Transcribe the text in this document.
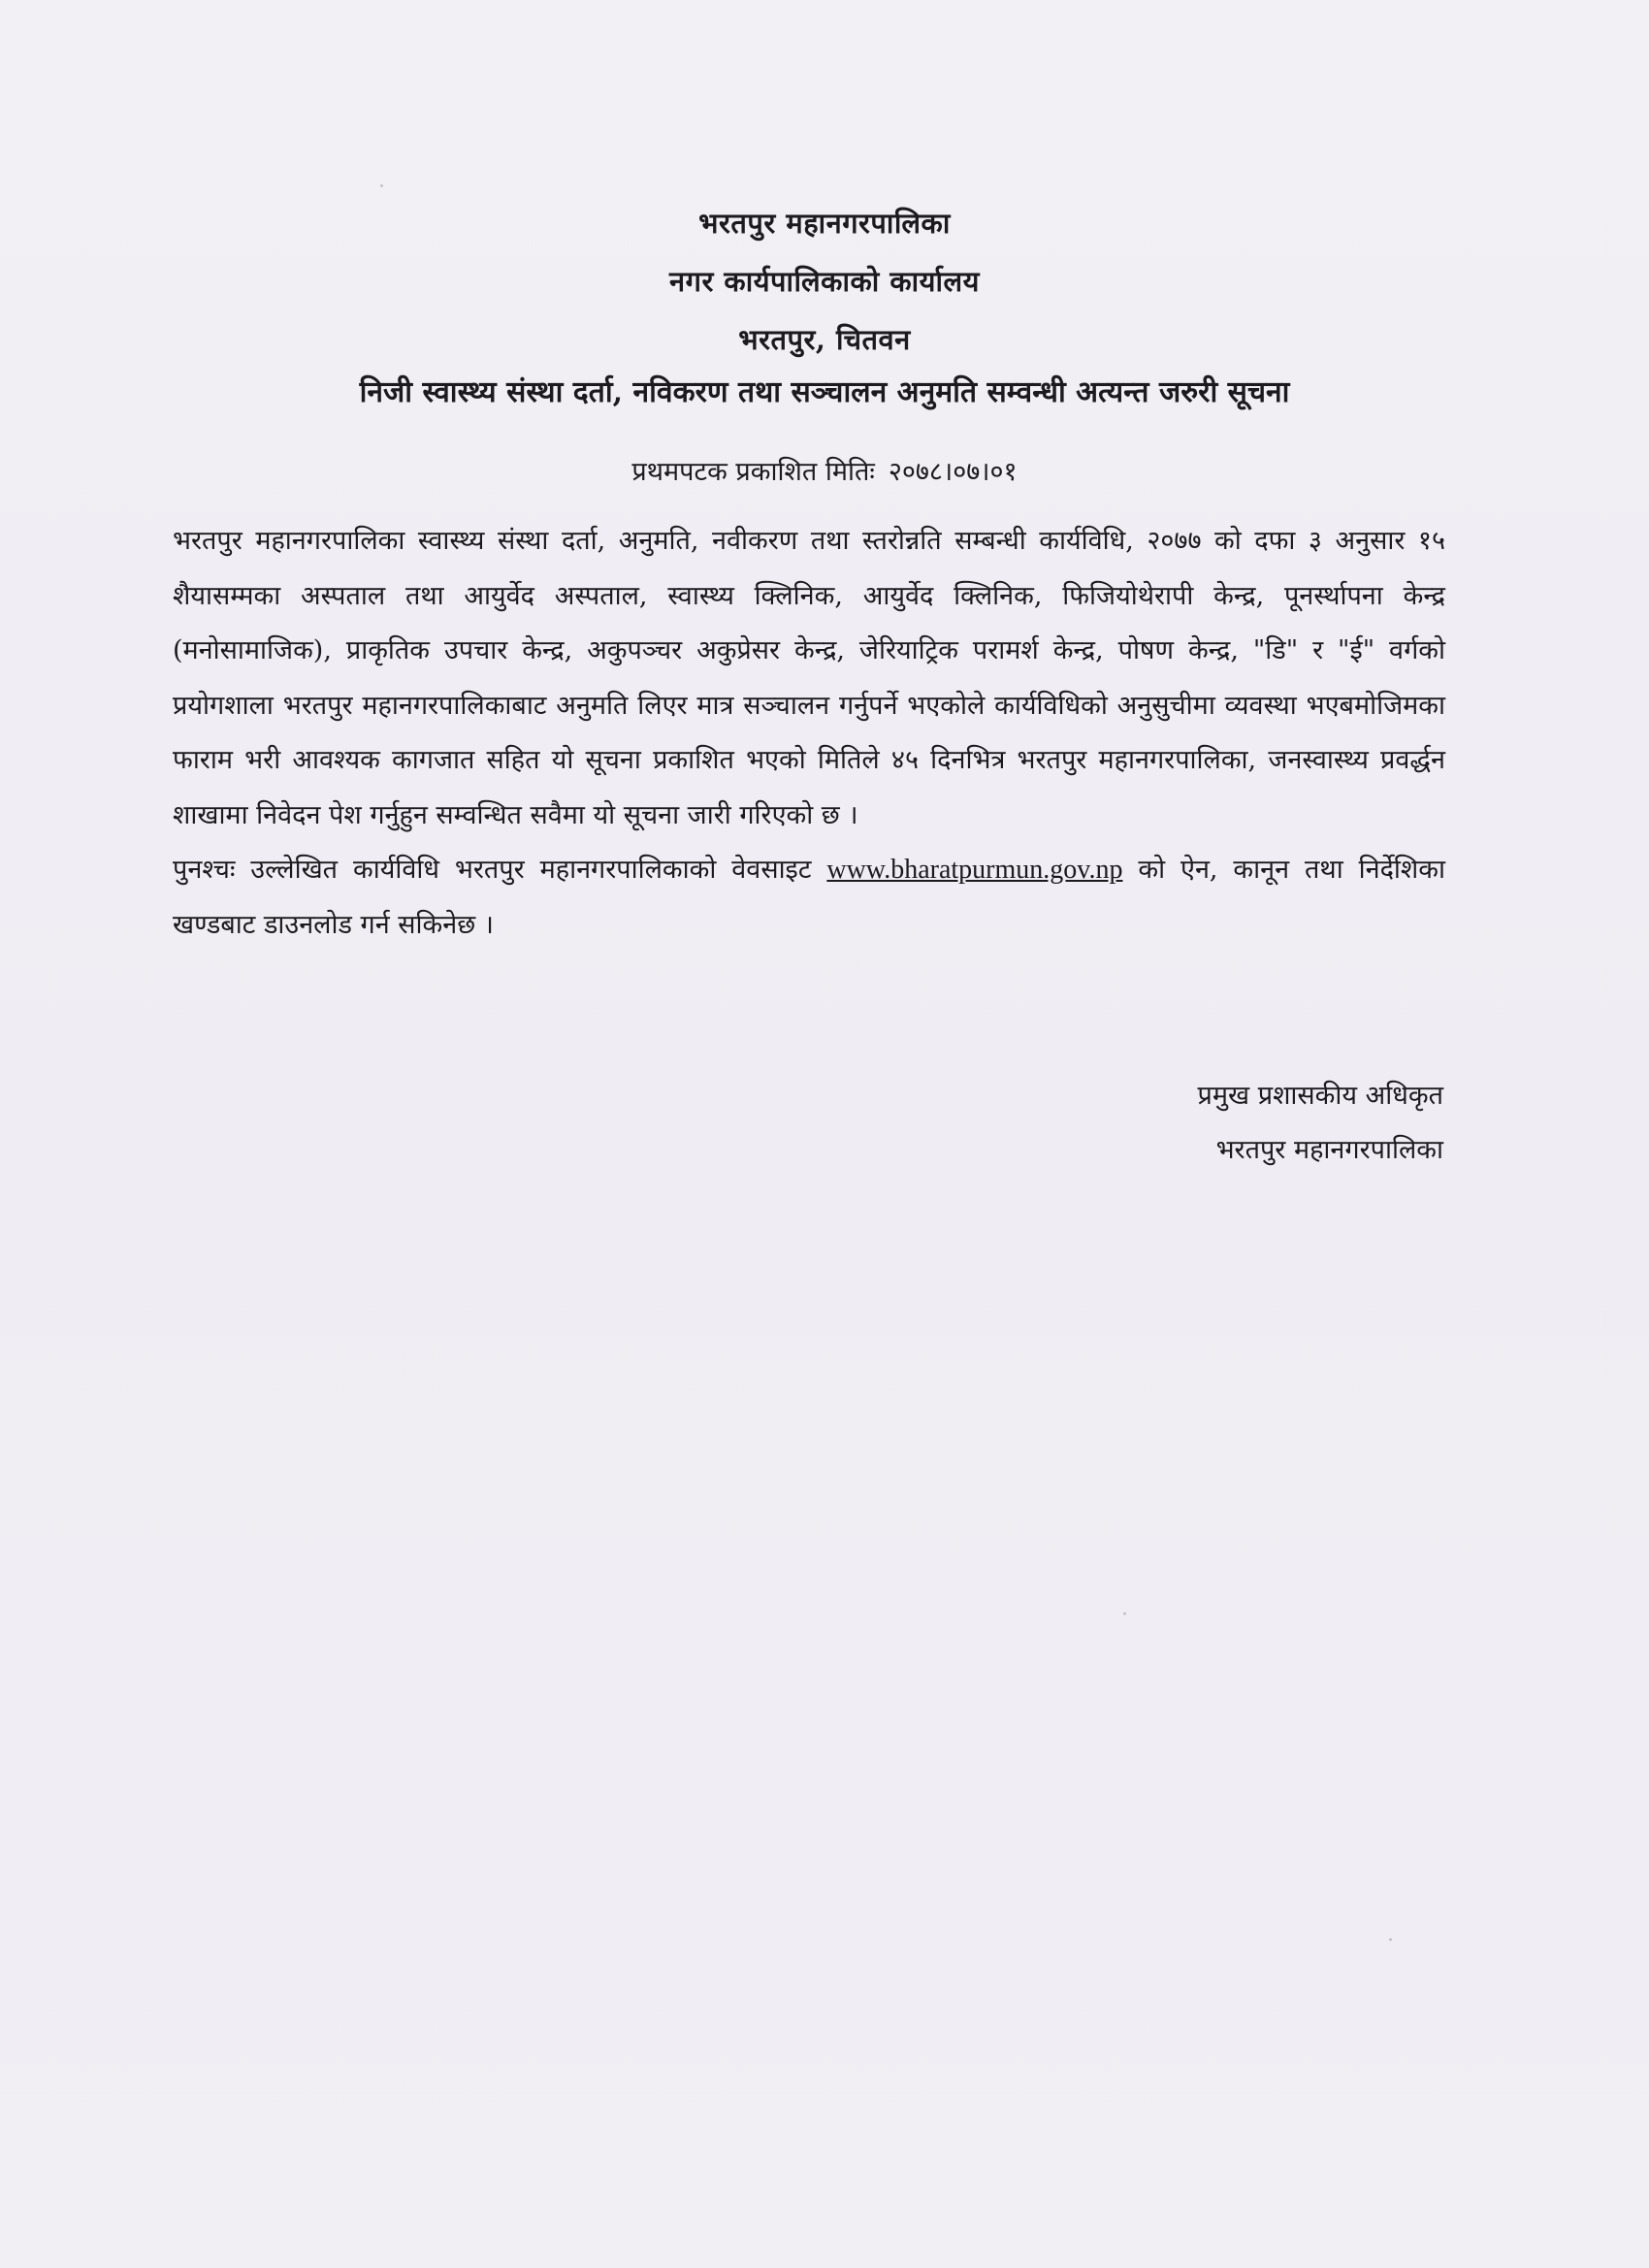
भरतपुर महानगरपालिका
नगर कार्यपालिकाको कार्यालय
भरतपुर, चितवन
निजी स्वास्थ्य संस्था दर्ता, नविकरण तथा सञ्चालन अनुमति सम्वन्धी अत्यन्त जरुरी सूचना
प्रथमपटक प्रकाशित मितिः २०७८।०७।०१

भरतपुर महानगरपालिका स्वास्थ्य संस्था दर्ता, अनुमति, नवीकरण तथा स्तरोन्नति सम्बन्धी कार्यविधि, २०७७ को दफा ३ अनुसार १५ शैयासम्मका अस्पताल तथा आयुर्वेद अस्पताल, स्वास्थ्य क्लिनिक, आयुर्वेद क्लिनिक, फिजियोथेरापी केन्द्र, पूनर्स्थापना केन्द्र (मनोसामाजिक), प्राकृतिक उपचार केन्द्र, अकुपञ्चर अकुप्रेसर केन्द्र, जेरियाट्रिक परामर्श केन्द्र, पोषण केन्द्र, "डि" र "ई" वर्गको प्रयोगशाला भरतपुर महानगरपालिकाबाट अनुमति लिएर मात्र सञ्चालन गर्नुपर्ने भएकोले कार्यविधिको अनुसुचीमा व्यवस्था भएबमोजिमका फाराम भरी आवश्यक कागजात सहित यो सूचना प्रकाशित भएको मितिले ४५ दिनभित्र भरतपुर महानगरपालिका, जनस्वास्थ्य प्रवर्द्धन शाखामा निवेदन पेश गर्नुहुन सम्वन्धित सवैमा यो सूचना जारी गरिएको छ ।

पुनश्चः उल्लेखित कार्यविधि भरतपुर महानगरपालिकाको वेवसाइट www.bharatpurmun.gov.np को ऐन, कानून तथा निर्देशिका खण्डबाट डाउनलोड गर्न सकिनेछ ।

प्रमुख प्रशासकीय अधिकृत
भरतपुर महानगरपालिका
